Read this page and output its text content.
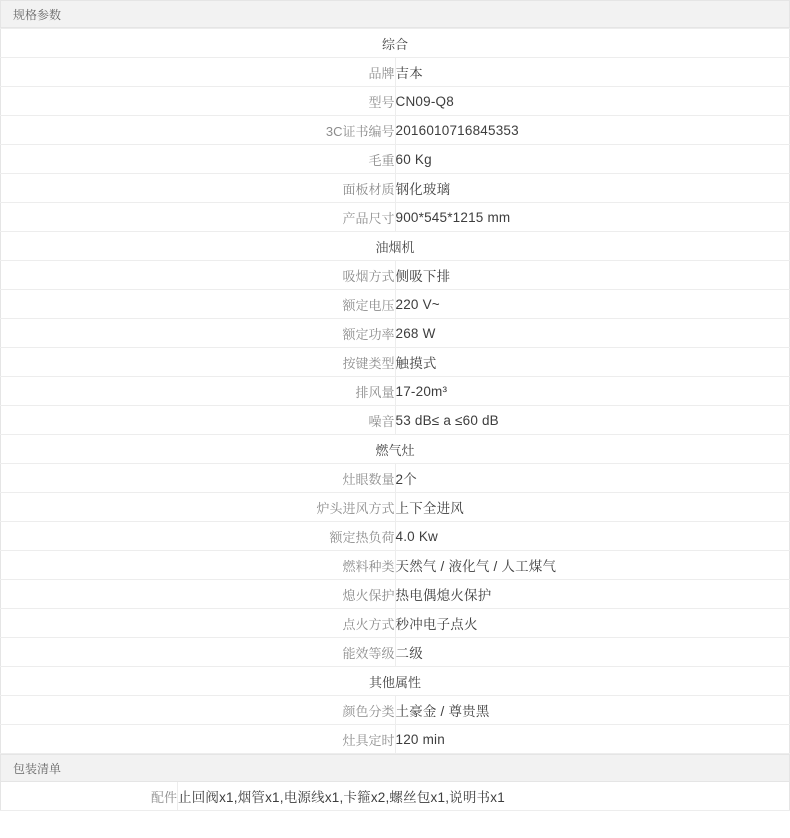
规格参数
综合	
品牌	吉本
型号	CN09-Q8
3C证书编号	2016010716845353
毛重	60 Kg
面板材质	钢化玻璃
产品尺寸	900*545*1215 mm
油烟机	
吸烟方式	侧吸下排
额定电压	220 V~
额定功率	268 W
按键类型	触摸式
排风量	17-20m³
噪音	53 dB≤ a ≤60 dB
燃气灶	
灶眼数量	2个
炉头进风方式	上下全进风
额定热负荷	4.0 Kw
燃料种类	天然气 / 液化气 / 人工煤气
熄火保护	热电偶熄火保护
点火方式	秒冲电子点火
能效等级	二级
其他属性	
颜色分类	土豪金 / 尊贵黑
灶具定时	120 min
包装清单
配件	止回阀x1,烟管x1,电源线x1,卡箍x2,螺丝包x1,说明书x1
